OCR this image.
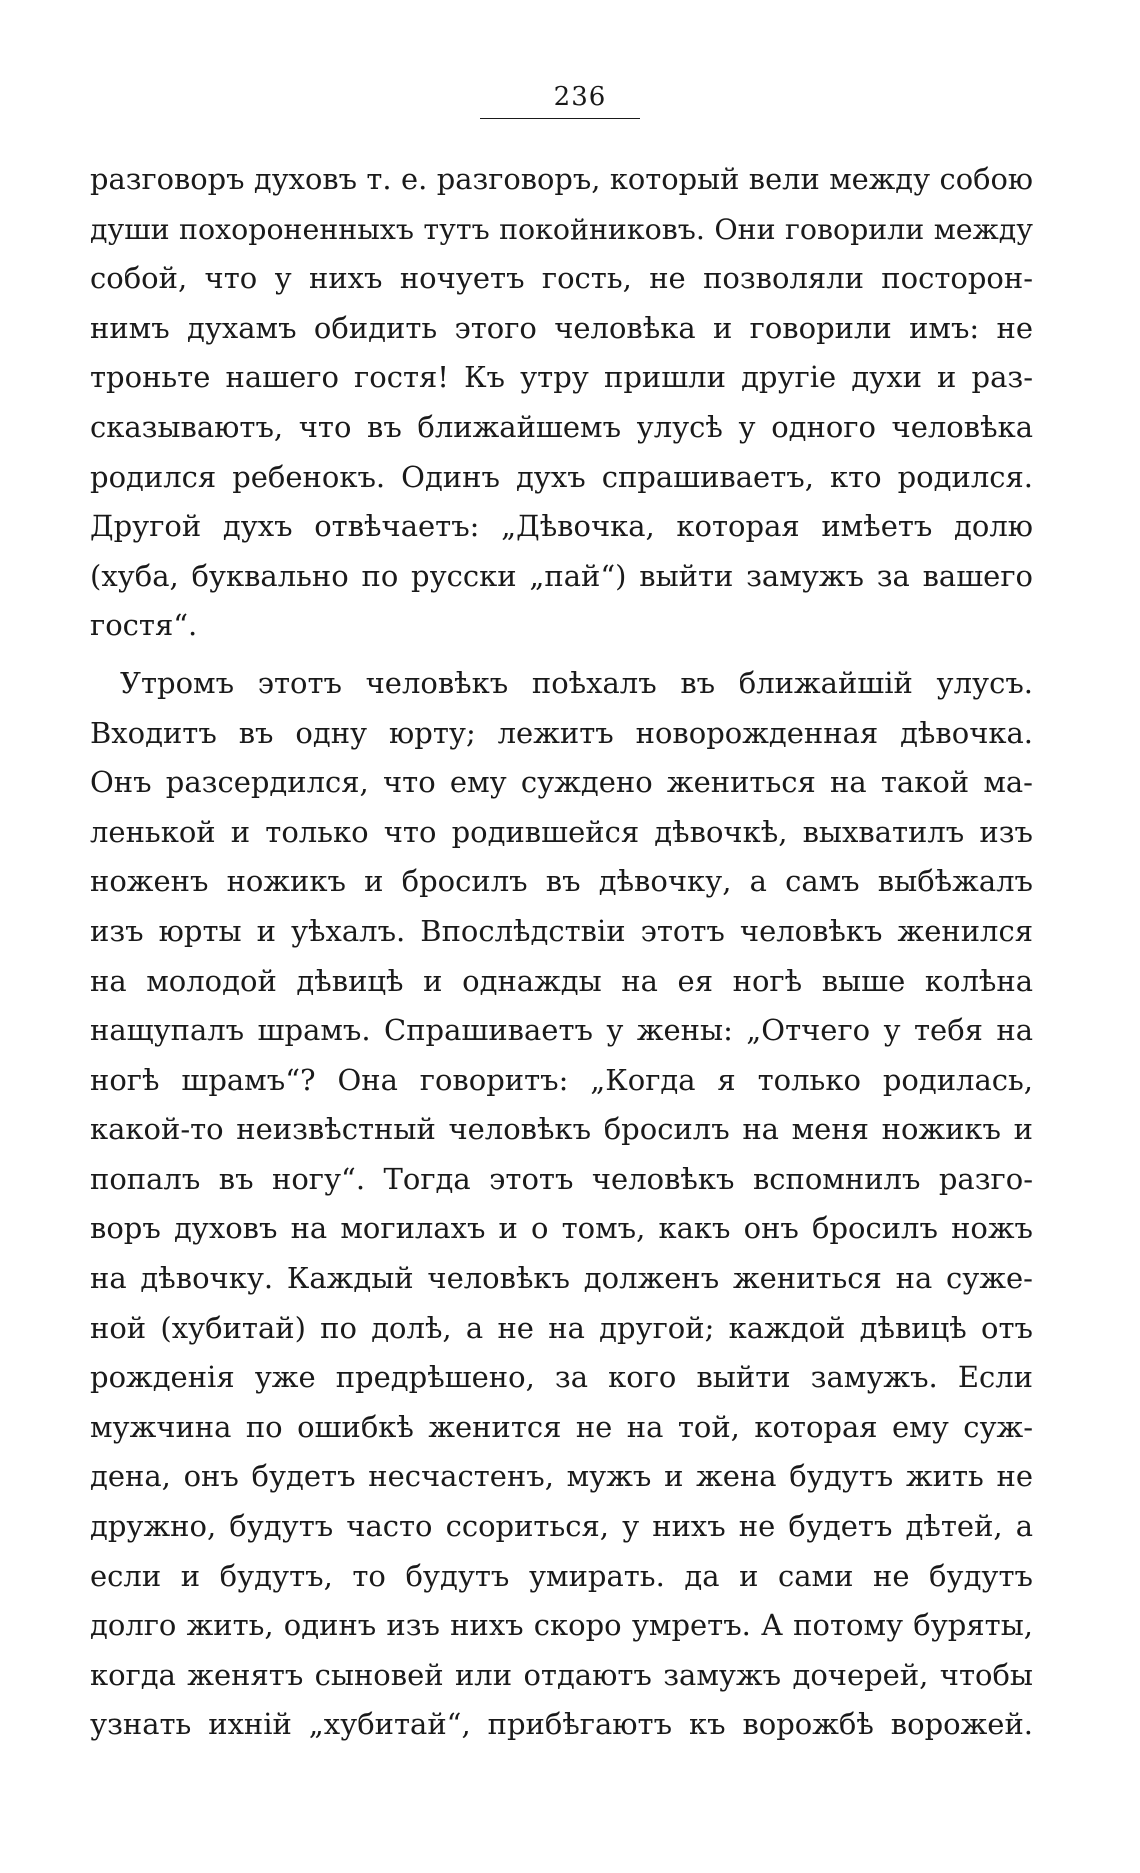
236
разговоръ духовъ т. е. разговоръ, который вели между собою
души похороненныхъ тутъ покойниковъ. Они говорили между
собой, что у нихъ ночуетъ гость, не позволяли посторон-
нимъ духамъ обидить этого человѣка и говорили имъ: не
троньте нашего гостя! Къ утру пришли другіе духи и раз-
сказываютъ, что въ ближайшемъ улусѣ у одного человѣка
родился ребенокъ. Одинъ духъ спрашиваетъ, кто родился.
Другой духъ отвѣчаетъ: „Дѣвочка, которая имѣетъ долю
(хуба, буквально по русски „пай“) выйти замужъ за вашего
гостя“.
Утромъ этотъ человѣкъ поѣхалъ въ ближайшій улусъ.
Входитъ въ одну юрту; лежитъ новорожденная дѣвочка.
Онъ разсердился, что ему суждено жениться на такой ма-
ленькой и только что родившейся дѣвочкѣ, выхватилъ изъ
ноженъ ножикъ и бросилъ въ дѣвочку, а самъ выбѣжалъ
изъ юрты и уѣхалъ. Впослѣдствіи этотъ человѣкъ женился
на молодой дѣвицѣ и однажды на ея ногѣ выше колѣна
нащупалъ шрамъ. Спрашиваетъ у жены: „Отчего у тебя на
ногѣ шрамъ“? Она говоритъ: „Когда я только родилась,
какой-то неизвѣстный человѣкъ бросилъ на меня ножикъ и
попалъ въ ногу“. Тогда этотъ человѣкъ вспомнилъ разго-
воръ духовъ на могилахъ и о томъ, какъ онъ бросилъ ножъ
на дѣвочку. Каждый человѣкъ долженъ жениться на суже-
ной (хубитай) по долѣ, а не на другой; каждой дѣвицѣ отъ
рожденія уже предрѣшено, за кого выйти замужъ. Если
мужчина по ошибкѣ женится не на той, которая ему суж-
дена, онъ будетъ несчастенъ, мужъ и жена будутъ жить не
дружно, будутъ часто ссориться, у нихъ не будетъ дѣтей, а
если и будутъ, то будутъ умирать. да и сами не будутъ
долго жить, одинъ изъ нихъ скоро умретъ. А потому буряты,
когда женятъ сыновей или отдаютъ замужъ дочерей, чтобы
узнать ихній „хубитай“, прибѣгаютъ къ ворожбѣ ворожей.
